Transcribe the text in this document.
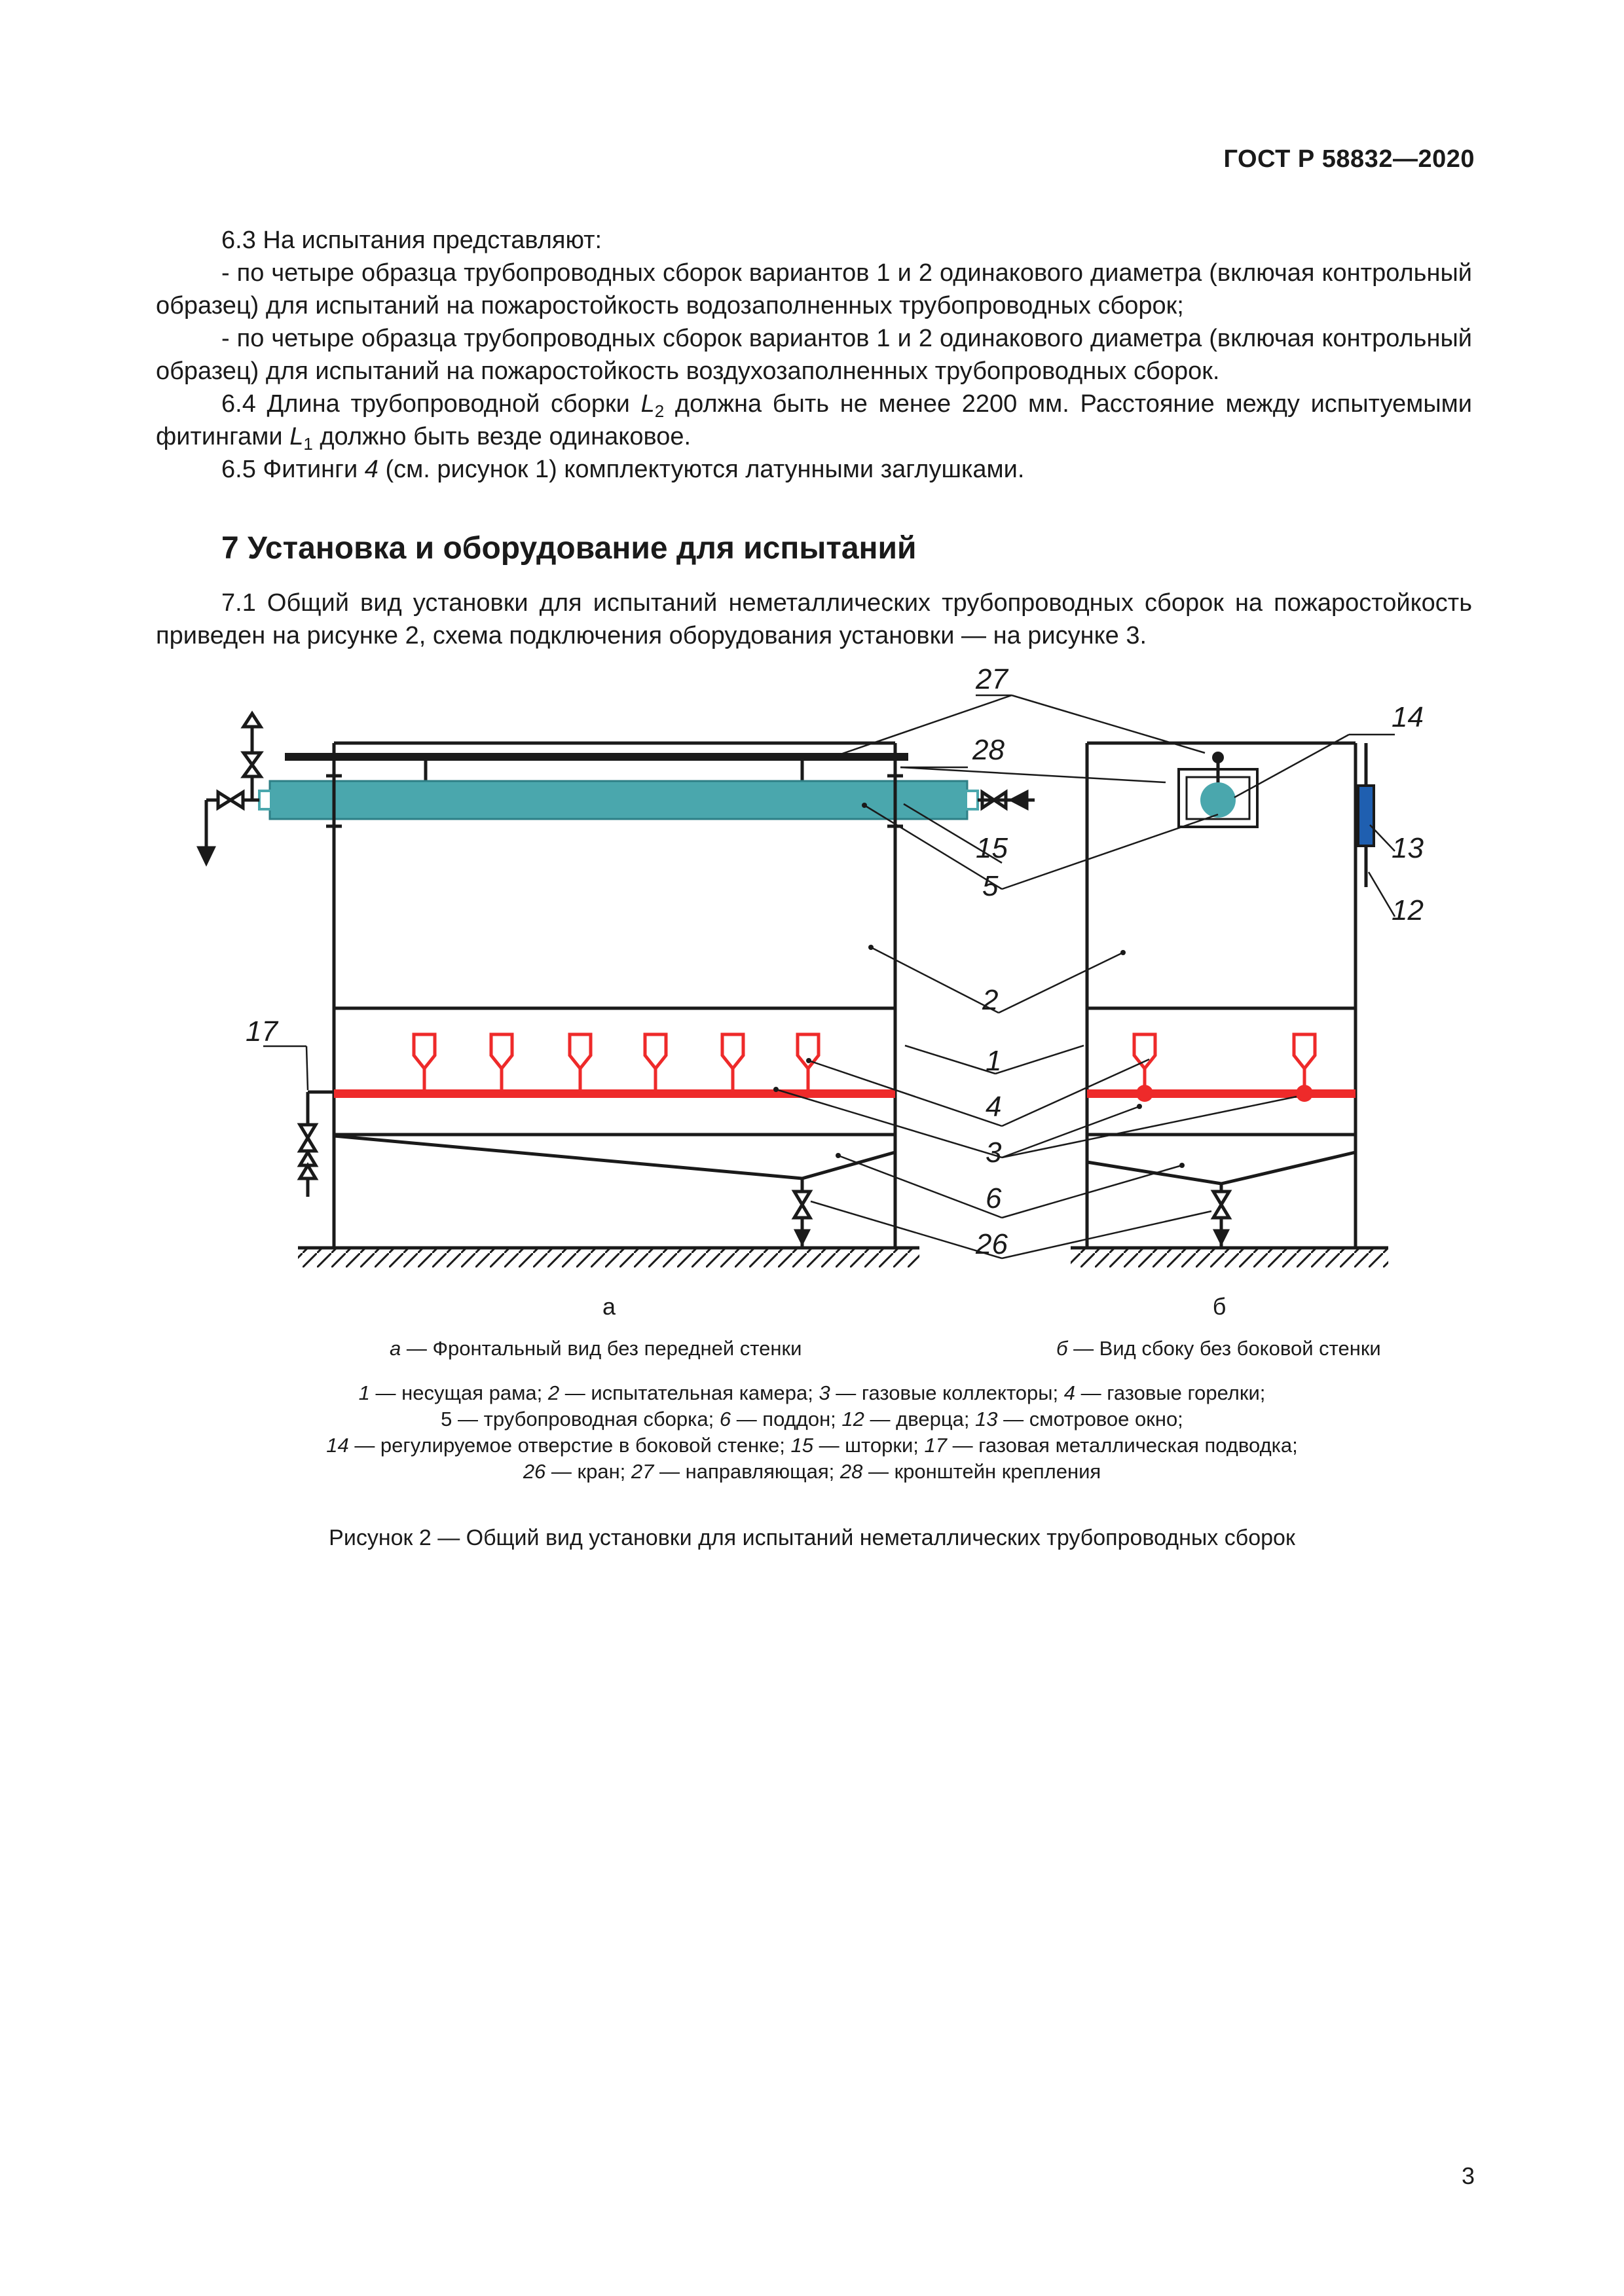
ГОСТ Р 58832—2020

6.3 На испытания представляют:

- по четыре образца трубопроводных сборок вариантов 1 и 2 одинакового диаметра (включая контрольный образец) для испытаний на пожаростойкость водозаполненных трубопроводных сборок;

- по четыре образца трубопроводных сборок вариантов 1 и 2 одинакового диаметра (включая контрольный образец) для испытаний на пожаростойкость воздухозаполненных трубопроводных сборок.

6.4 Длина трубопроводной сборки $L_2$ должна быть не менее 2200 мм. Расстояние между испытуемыми фитингами $L_1$ должно быть везде одинаковое.

6.5 Фитинги 4 (см. рисунок 1) комплектуются латунными заглушками.

7 Установка и оборудование для испытаний

7.1 Общий вид установки для испытаний неметаллических трубопроводных сборок на пожаростойкость приведен на рисунке 2, схема подключения оборудования установки — на рисунке 3.

27
28
14
15
5
13
12
2
17
1
4
3
6
26
а	б
а — Фронтальный вид без передней стенки	б — Вид сбоку без боковой стенки
1 — несущая рама; 2 — испытательная камера; 3 — газовые коллекторы; 4 — газовые горелки;
5 — трубопроводная сборка; 6 — поддон; 12 — дверца; 13 — смотровое окно;
14 — регулируемое отверстие в боковой стенке; 15 — шторки; 17 — газовая металлическая подводка;
26 — кран; 27 — направляющая; 28 — кронштейн крепления
Рисунок 2 — Общий вид установки для испытаний неметаллических трубопроводных сборок
3
